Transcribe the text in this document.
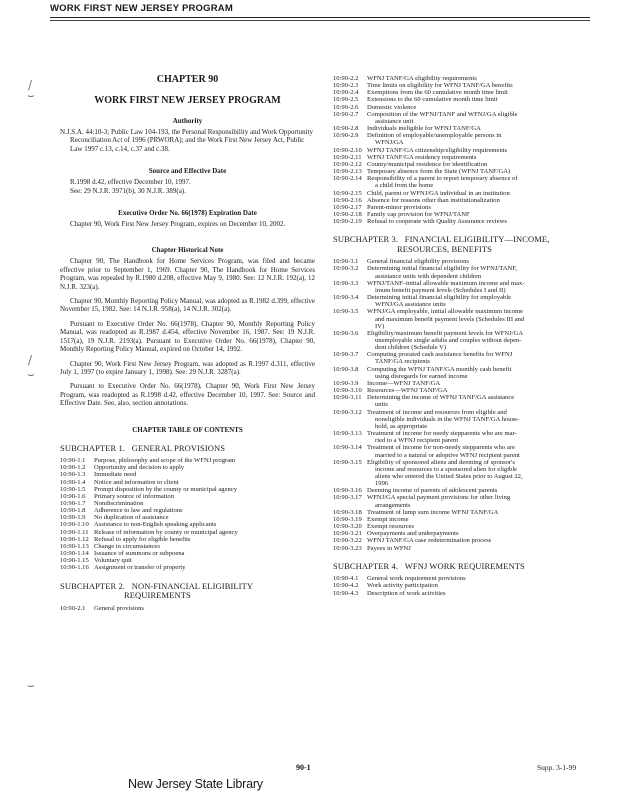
WORK FIRST NEW JERSEY PROGRAM
/
⌣
/
⌣
⌣
CHAPTER 90
WORK FIRST NEW JERSEY PROGRAM
Authority

N.J.S.A. 44:10-3; Public Law 104-193, the Personal Responsibility and Work Opportunity Reconciliation Act of 1996 (PRWORA); and the Work First New Jersey Act, Public Law 1997 c.13, c.14, c.37 and c.38.

Source and Effective Date

R.1998 d.42, effective December 10, 1997.

See: 29 N.J.R. 3971(b), 30 N.J.R. 389(a).

Executive Order No. 66(1978) Expiration Date

Chapter 90, Work First New Jersey Program, expires on December 10, 2002.

Chapter Historical Note

Chapter 90, The Handbook for Home Services Program, was filed and became effective prior to September 1, 1969. Chapter 90, The Handbook for Home Services Program, was repealed by R.1980 d.208, effective May 9, 1980. See: 12 N.J.R. 192(a), 12 N.J.R. 323(a).

Chapter 90, Monthly Reporting Policy Manual, was adopted as R.1982 d.399, effective November 15, 1982. See: 14 N.J.R. 958(a), 14 N.J.R. 302(a).

Pursuant to Executive Order No. 66(1978), Chapter 90, Monthly Reporting Policy Manual, was readopted as R.1987 d.454, effective November 16, 1987. See: 19 N.J.R. 1517(a), 19 N.J.R. 2193(a). Pursuant to Executive Order No. 66(1978), Chapter 90, Monthly Reporting Policy Manual, expired on October 14, 1992.

Chapter 90, Work First New Jersey Program, was adopted as R.1997 d.311, effective July 1, 1997 (to expire January 1, 1998). See: 29 N.J.R. 3287(a).

Pursuant to Executive Order No. 66(1978), Chapter 90, Work First New Jersey Program, was readopted as R.1998 d.42, effective December 10, 1997. See: Source and Effective Date. See, also, section annotations.

CHAPTER TABLE OF CONTENTS
SUBCHAPTER 1. GENERAL PROVISIONS
10:90-1.1	Purpose, philosophy and scope of the WFNJ program
10:90-1.2	Opportunity and decision to apply
10:90-1.3	Immediate need
10:90-1.4	Notice and information to client
10:90-1.5	Prompt disposition by the county or municipal agency
10:90-1.6	Primary source of information
10:90-1.7	Nondiscrimination
10:90-1.8	Adherence to law and regulations
10:90-1.9	No duplication of assistance
10:90-1.10 Assistance to non-English speaking applicants
10:90-1.11 Release of information by county or municipal agency
10:90-1.12 Refusal to apply for eligible benefits
10:90-1.13 Change in circumstances
10:90-1.14 Issuance of summons or subpoena
10:90-1.15 Voluntary quit
10:90-1.16 Assignment or transfer of property
SUBCHAPTER 2. NON-FINANCIAL ELIGIBILITY
REQUIREMENTS
10:90-2.1	General provisions
10:90-2.2	WFNJ TANF/GA eligibility requirements
10:90-2.3	Time limits on eligibility for WFNJ TANF/GA benefits
10:90-2.4	Exemptions from the 60 cumulative month time limit
10:90-2.5	Extensions to the 60 cumulative month time limit
10:90-2.6	Domestic violence
10:90-2.7	Composition of the WFNJ/TANF and WFNJ/GA eligible
assistance unit
10:90-2.8	Individuals ineligible for WFNJ TANF/GA
10:90-2.9	Definition of employable/unemployable persons in
WFNJ/GA
10:90-2.10 WFNJ TANF/GA citizenship/eligibility requirements
10:90-2.11 WFNJ TANF/GA residency requirements
10:90-2.12 County/municipal residence for identification
10:90-2.13 Temporary absence from the State (WFNJ TANF/GA)
10:90-2.14 Responsibility of a parent to report temporary absence of
a child from the home
10:90-2.15 Child, parent or WFNJ/GA individual in an institution
10:90-2.16 Absence for reasons other than institutionalization
10:90-2.17 Parent-minor provisions
10:90-2.18 Family cap provision for WFNJ/TANF
10:90-2.19 Refusal to cooperate with Quality Assurance reviews
SUBCHAPTER 3. FINANCIAL ELIGIBILITY—INCOME,
RESOURCES, BENEFITS
10:90-3.1	General financial eligibility provisions
10:90-3.2	Determining initial financial eligibility for WFNJ/TANF,
assistance units with dependent children
10:90-3.3	WFNJ/TANF–initial allowable maximum income and max-
imum benefit payment levels (Schedules I and II)
10:90-3.4	Determining initial financial eligibility for employable
WFNJ/GA assistance units
10:90-3.5	WFNJ/GA employable, initial allowable maximum income
and maximum benefit payment levels (Schedules III and
IV)
10:90-3.6	Eligibility/maximum benefit payment levels for WFNJ/GA
unemployable single adults and couples without depen-
dent children (Schedule V)
10:90-3.7	Computing prorated cash assistance benefits for WFNJ
TANF/GA recipients
10:90-3.8	Computing the WFNJ TANF/GA monthly cash benefit
using disregards for earned income
10:90-3.9	Income—WFNJ TANF/GA
10:90-3.10 Resources—WFNJ TANF/GA
10:90-3.11 Determining the income of WFNJ TANF/GA assistance
units
10:90-3.12 Treatment of income and resources from eligible and
noneligible individuals in the WFNJ TANF/GA house-
hold, as appropriate
10:90-3.13 Treatment of income for needy stepparents who are mar-
ried to a WFNJ recipient parent
10:90-3.14 Treatment of income for non-needy stepparents who are
married to a natural or adoptive WFNJ recipient parent
10:90-3.15 Eligibility of sponsored aliens and deeming of sponsor's
income and resources to a sponsored alien for eligible
aliens who entered the United States prior to August 22,
1996
10:90-3.16 Deeming income of parents of adolescent parents
10:90-3.17 WFNJ/GA special payment provisions for other living
arrangements
10:90-3.18 Treatment of lump sum income WFNJ TANF/GA
10:90-3.19 Exempt income
10:90-3.20 Exempt resources
10:90-3.21 Overpayments and underpayments
10:90-3.22 WFNJ TANF/GA case redetermination process
10:90-3.23 Payees in WFNJ
SUBCHAPTER 4. WFNJ WORK REQUIREMENTS
10:90-4.1	General work requirement provisions
10:90-4.2	Work activity participation
10:90-4.3	Description of work activities
90-1	Supp. 3-1-99
New Jersey State Library
